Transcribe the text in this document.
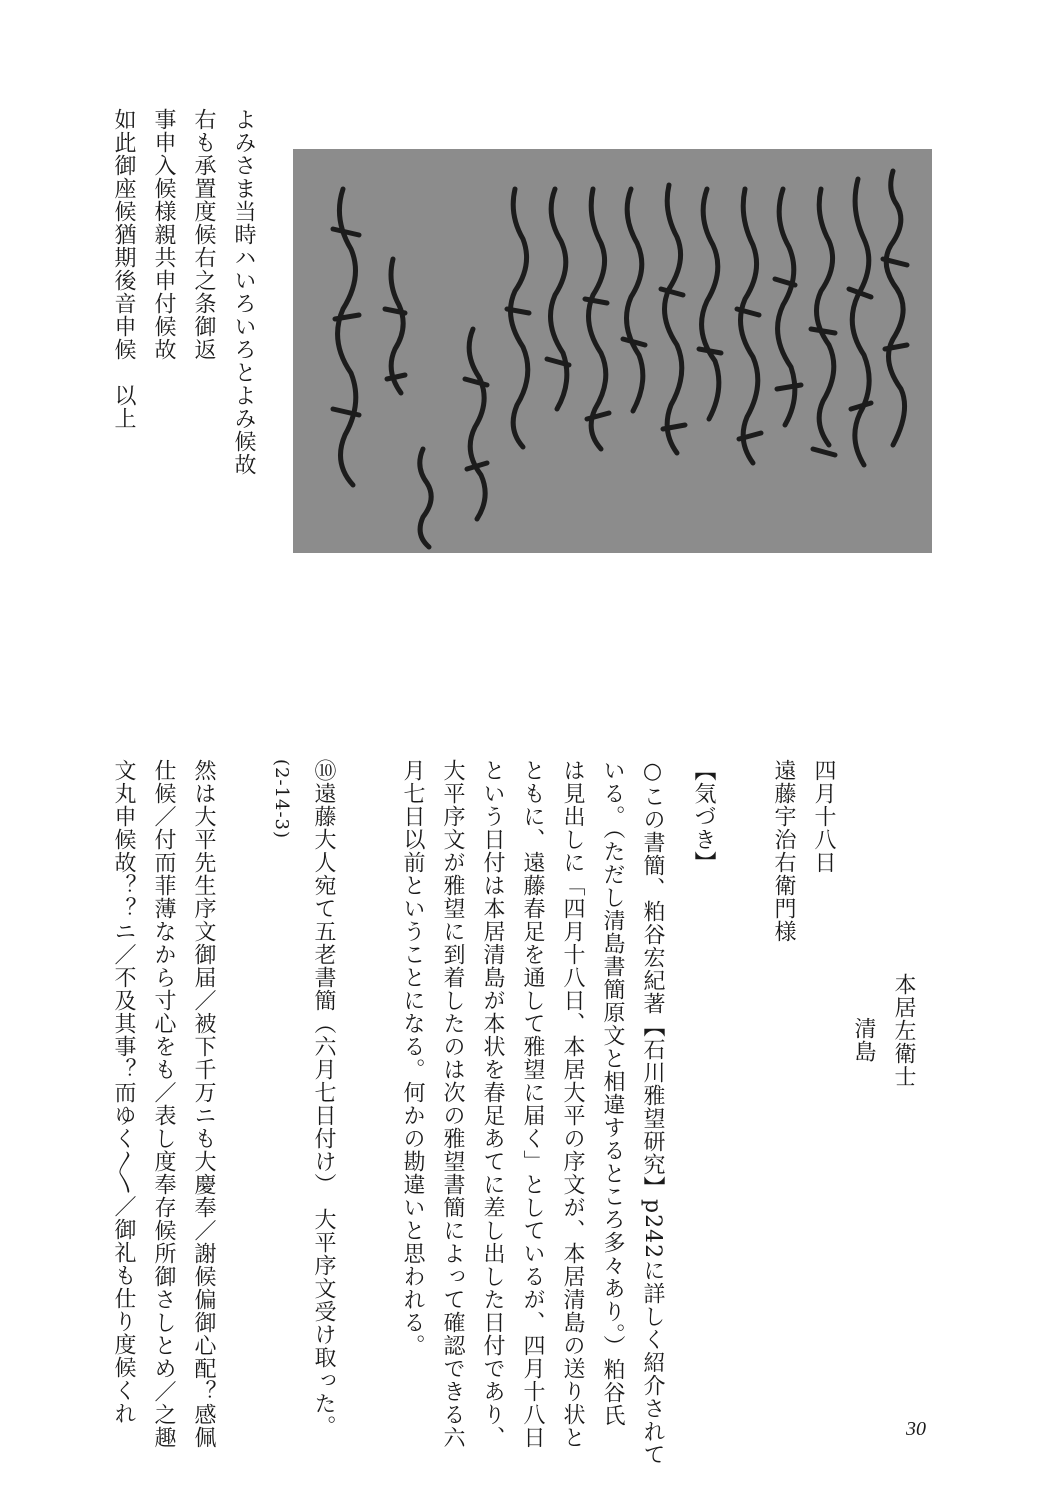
よみさま当時ハいろいろとよみ候故
右も承置度候右之条御返
事申入候様親共申付候故
如此御座候猶期後音申候　以上
本居左衛士
清島
四月十八日
遠藤宇治右衛門様
【気づき】
○この書簡、粕谷宏紀著【石川雅望研究】p242に詳しく紹介されて
いる。（ただし清島書簡原文と相違するところ多々あり。）粕谷氏
は見出しに「四月十八日、本居大平の序文が、本居清島の送り状と
ともに、遠藤春足を通して雅望に届く」としているが、四月十八日
という日付は本居清島が本状を春足あてに差し出した日付であり、
大平序文が雅望に到着したのは次の雅望書簡によって確認できる六
月七日以前ということになる。何かの勘違いと思われる。
⑩遠藤大人宛て五老書簡（六月七日付け）　大平序文受け取った。
(2-14-3)
然は大平先生序文御届／被下千万ニも大慶奉／謝候偏御心配？感佩
仕候／付而菲薄なから寸心をも／表し度奉存候所御さしとめ／之趣
文丸申候故？？ニ／不及其事？而ゆく〳〵／御礼も仕り度候くれ
30
